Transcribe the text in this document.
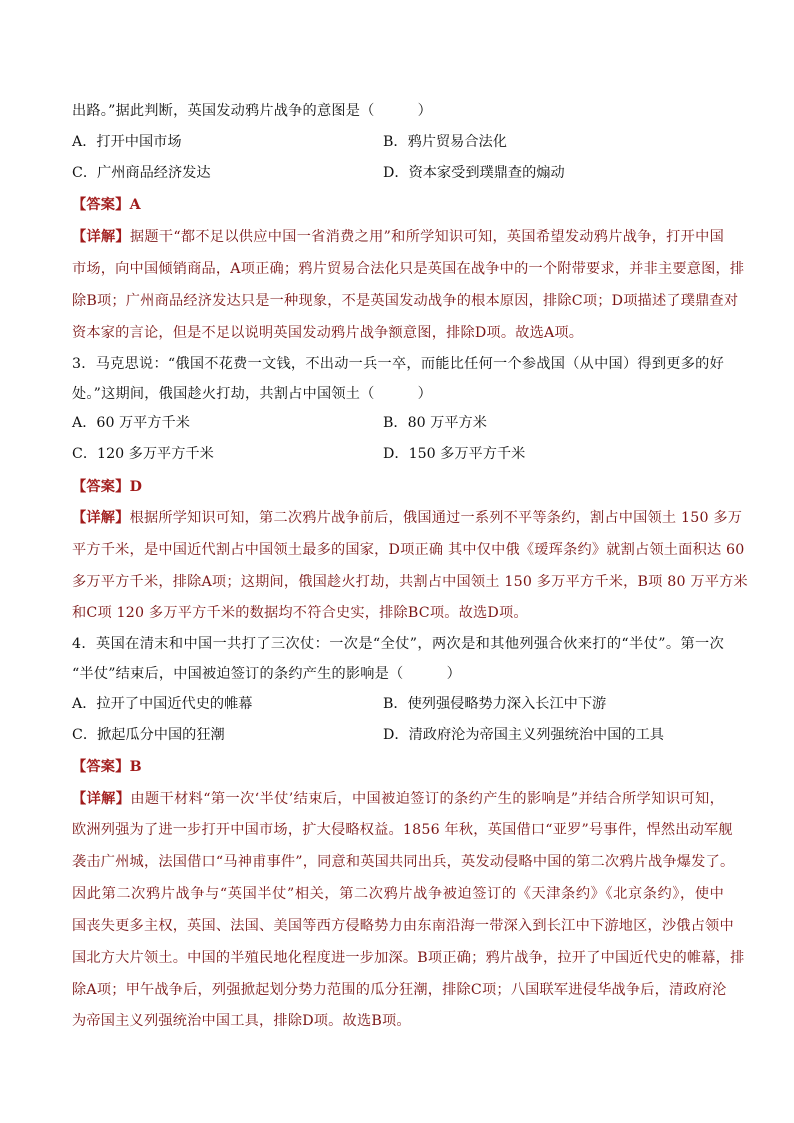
出路。”据此判断，英国发动鸦片战争的意图是（　　　）
A．打开中国市场	B．鸦片贸易合法化
C．广州商品经济发达	D．资本家受到璞鼎查的煽动
【答案】A
【详解】据题干“都不足以供应中国一省消费之用”和所学知识可知，英国希望发动鸦片战争，打开中国
市场，向中国倾销商品，A项正确；鸦片贸易合法化只是英国在战争中的一个附带要求，并非主要意图，排
除B项；广州商品经济发达只是一种现象，不是英国发动战争的根本原因，排除C项；D项描述了璞鼎查对
资本家的言论，但是不足以说明英国发动鸦片战争额意图，排除D项。故选A项。
3．马克思说：“俄国不花费一文钱，不出动一兵一卒，而能比任何一个参战国（从中国）得到更多的好
处。”这期间，俄国趁火打劫，共割占中国领土（　　　）
A．60 万平方千米	B．80 万平方米
C．120 多万平方千米	D．150 多万平方千米
【答案】D
【详解】根据所学知识可知，第二次鸦片战争前后，俄国通过一系列不平等条约，割占中国领土 150 多万
平方千米，是中国近代割占中国领土最多的国家，D项正确 其中仅中俄《瑷珲条约》就割占领土面积达 60
多万平方千米，排除A项；这期间，俄国趁火打劫，共割占中国领土 150 多万平方千米，B项 80 万平方米
和C项 120 多万平方千米的数据均不符合史实，排除BC项。故选D项。
4．英国在清末和中国一共打了三次仗：一次是“全仗”，两次是和其他列强合伙来打的“半仗”。第一次
“半仗”结束后，中国被迫签订的条约产生的影响是（　　　）
A．拉开了中国近代史的帷幕	B．使列强侵略势力深入长江中下游
C．掀起瓜分中国的狂潮	D．清政府沦为帝国主义列强统治中国的工具
【答案】B
【详解】由题干材料“第一次‘半仗’结束后，中国被迫签订的条约产生的影响是”并结合所学知识可知，
欧洲列强为了进一步打开中国市场，扩大侵略权益。1856 年秋，英国借口“亚罗”号事件，悍然出动军舰
袭击广州城，法国借口“马神甫事件”，同意和英国共同出兵，英发动侵略中国的第二次鸦片战争爆发了。
因此第二次鸦片战争与“英国半仗”相关，第二次鸦片战争被迫签订的《天津条约》《北京条约》，使中
国丧失更多主权，英国、法国、美国等西方侵略势力由东南沿海一带深入到长江中下游地区，沙俄占领中
国北方大片领土。中国的半殖民地化程度进一步加深。B项正确；鸦片战争，拉开了中国近代史的帷幕，排
除A项；甲午战争后，列强掀起划分势力范围的瓜分狂潮，排除C项；八国联军进侵华战争后，清政府沦
为帝国主义列强统治中国工具，排除D项。故选B项。
